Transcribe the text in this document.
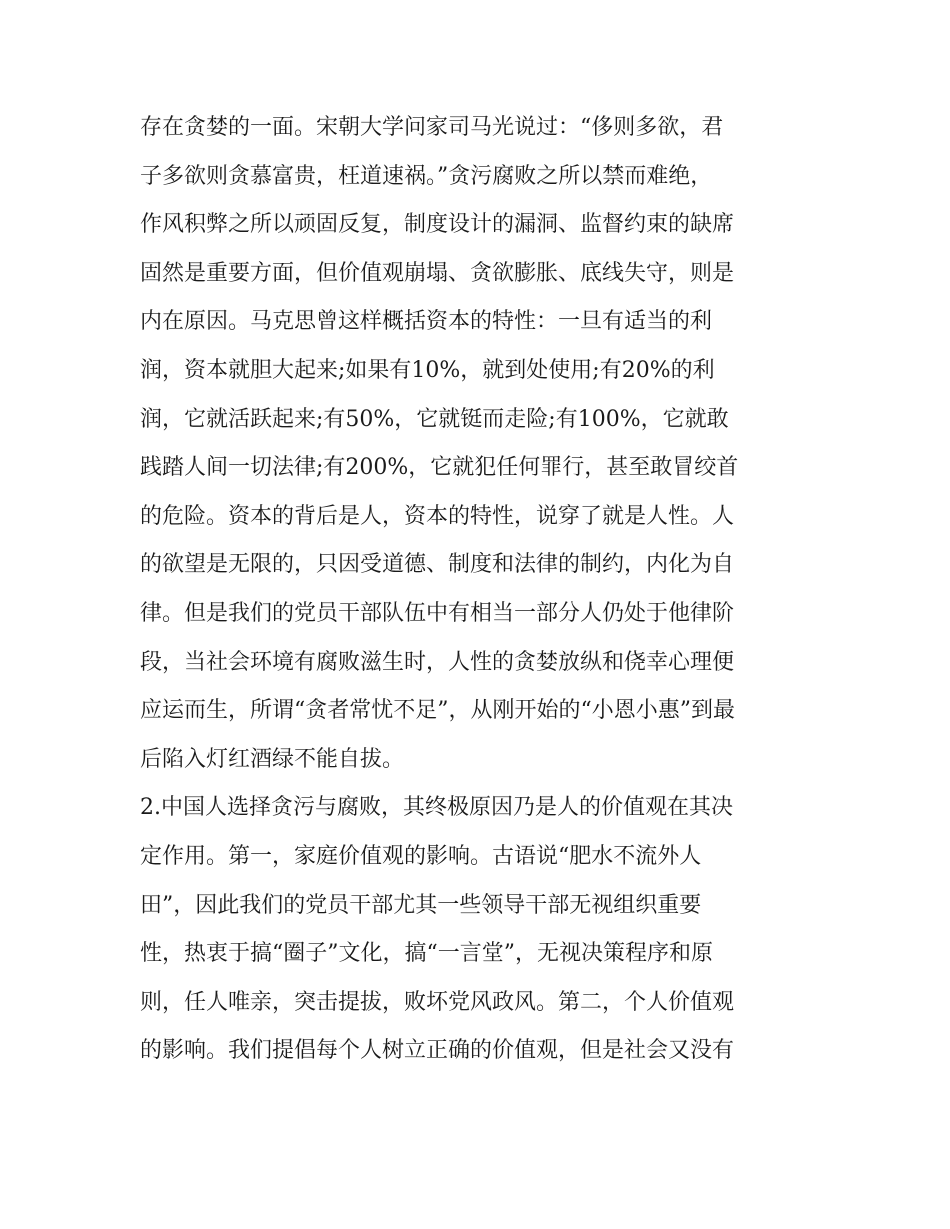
存在贪婪的一面。宋朝大学问家司马光说过：“侈则多欲，君
子多欲则贪慕富贵，枉道速祸。”贪污腐败之所以禁而难绝，
作风积弊之所以顽固反复，制度设计的漏洞、监督约束的缺席
固然是重要方面，但价值观崩塌、贪欲膨胀、底线失守，则是
内在原因。马克思曾这样概括资本的特性：一旦有适当的利
润，资本就胆大起来;如果有10%，就到处使用;有20%的利
润，它就活跃起来;有50%，它就铤而走险;有100%，它就敢
践踏人间一切法律;有200%，它就犯任何罪行，甚至敢冒绞首
的危险。资本的背后是人，资本的特性，说穿了就是人性。人
的欲望是无限的，只因受道德、制度和法律的制约，内化为自
律。但是我们的党员干部队伍中有相当一部分人仍处于他律阶
段，当社会环境有腐败滋生时，人性的贪婪放纵和侥幸心理便
应运而生，所谓“贪者常忧不足”，从刚开始的“小恩小惠”到最
后陷入灯红酒绿不能自拔。
2.中国人选择贪污与腐败，其终极原因乃是人的价值观在其决
定作用。第一，家庭价值观的影响。古语说“肥水不流外人
田”，因此我们的党员干部尤其一些领导干部无视组织重要
性，热衷于搞“圈子”文化，搞“一言堂”，无视决策程序和原
则，任人唯亲，突击提拔，败坏党风政风。第二，个人价值观
的影响。我们提倡每个人树立正确的价值观，但是社会又没有
